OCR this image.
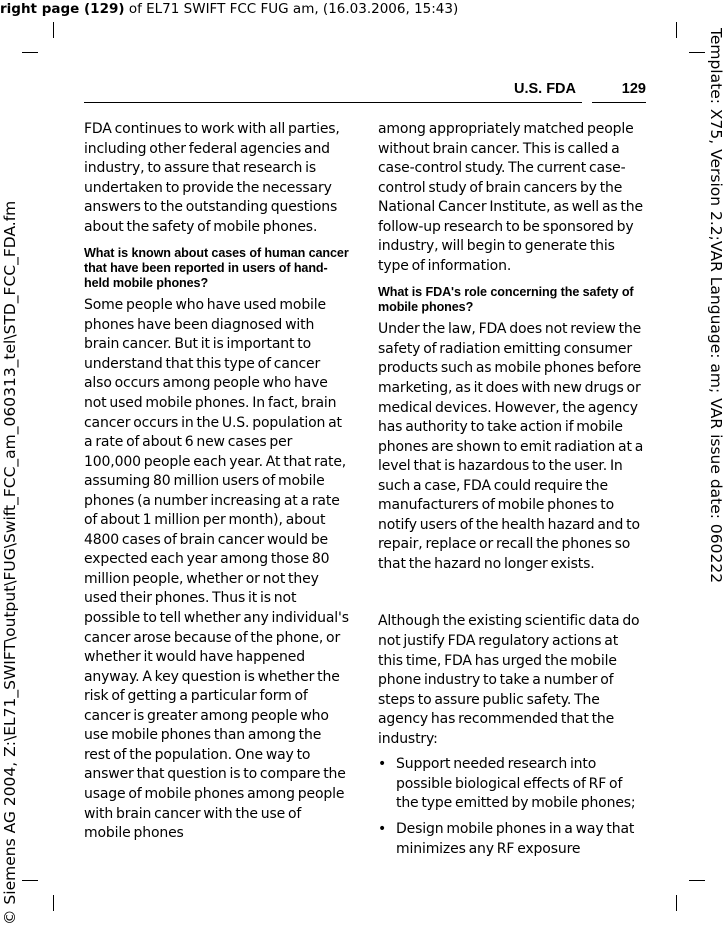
right page (129) of EL71 SWIFT FCC FUG am, (16.03.2006, 15:43)
Template: X75, Version 2.2;VAR Language: am; VAR issue date: 060222
© Siemens AG 2004, Z:\EL71_SWIFT\output\FUG\Swift_FCC_am_060313_tel\STD_FCC_FDA.fm
U.S. FDA	129

FDA continues to work with all parties, including other federal agencies and industry, to assure that research is undertaken to provide the necessary answers to the outstanding questions about the safety of mobile phones.

What is known about cases of human cancer that have been reported in users of hand-held mobile phones?

Some people who have used mobile phones have been diagnosed with brain cancer. But it is important to understand that this type of cancer also occurs among people who have not used mobile phones. In fact, brain cancer occurs in the U.S. population at a rate of about 6 new cases per 100,000 people each year. At that rate, assuming 80 million users of mobile phones (a number increasing at a rate of about 1 million per month), about 4800 cases of brain cancer would be expected each year among those 80 million people, whether or not they used their phones. Thus it is not possible to tell whether any individual's cancer arose because of the phone, or whether it would have happened anyway. A key question is whether the risk of getting a particular form of cancer is greater among people who use mobile phones than among the rest of the population. One way to answer that question is to compare the usage of mobile phones among people with brain cancer with the use of mobile phones

among appropriately matched people without brain cancer. This is called a case-control study. The current case-control study of brain cancers by the National Cancer Institute, as well as the follow-up research to be sponsored by industry, will begin to generate this type of information.

What is FDA's role concerning the safety of mobile phones?

Under the law, FDA does not review the safety of radiation emitting consumer products such as mobile phones before marketing, as it does with new drugs or medical devices. However, the agency has authority to take action if mobile phones are shown to emit radiation at a level that is hazardous to the user. In such a case, FDA could require the manufacturers of mobile phones to notify users of the health hazard and to repair, replace or recall the phones so that the hazard no longer exists.

Although the existing scientific data do not justify FDA regulatory actions at this time, FDA has urged the mobile phone industry to take a number of steps to assure public safety. The agency has recommended that the industry:

• Support needed research into possible biological effects of RF of the type emitted by mobile phones;
• Design mobile phones in a way that minimizes any RF exposure
